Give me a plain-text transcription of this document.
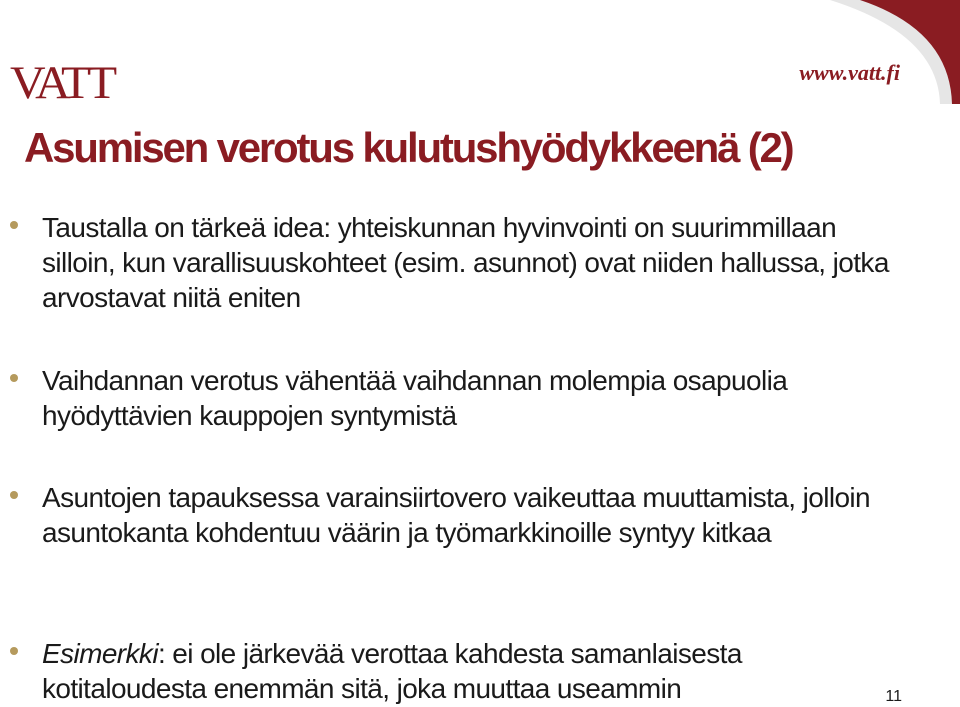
VATT	www.vatt.fi
Asumisen verotus kulutushyödykkeenä (2)
Taustalla on tärkeä idea: yhteiskunnan hyvinvointi on suurimmillaan silloin, kun varallisuuskohteet (esim. asunnot) ovat niiden hallussa, jotka arvostavat niitä eniten
Vaihdannan verotus vähentää vaihdannan molempia osapuolia hyödyttävien kauppojen syntymistä
Asuntojen tapauksessa varainsiirtovero vaikeuttaa muuttamista, jolloin asuntokanta kohdentuu väärin ja työmarkkinoille syntyy kitkaa
Esimerkki: ei ole järkevää verottaa kahdesta samanlaisesta kotitaloudesta enemmän sitä, joka muuttaa useammin	11
